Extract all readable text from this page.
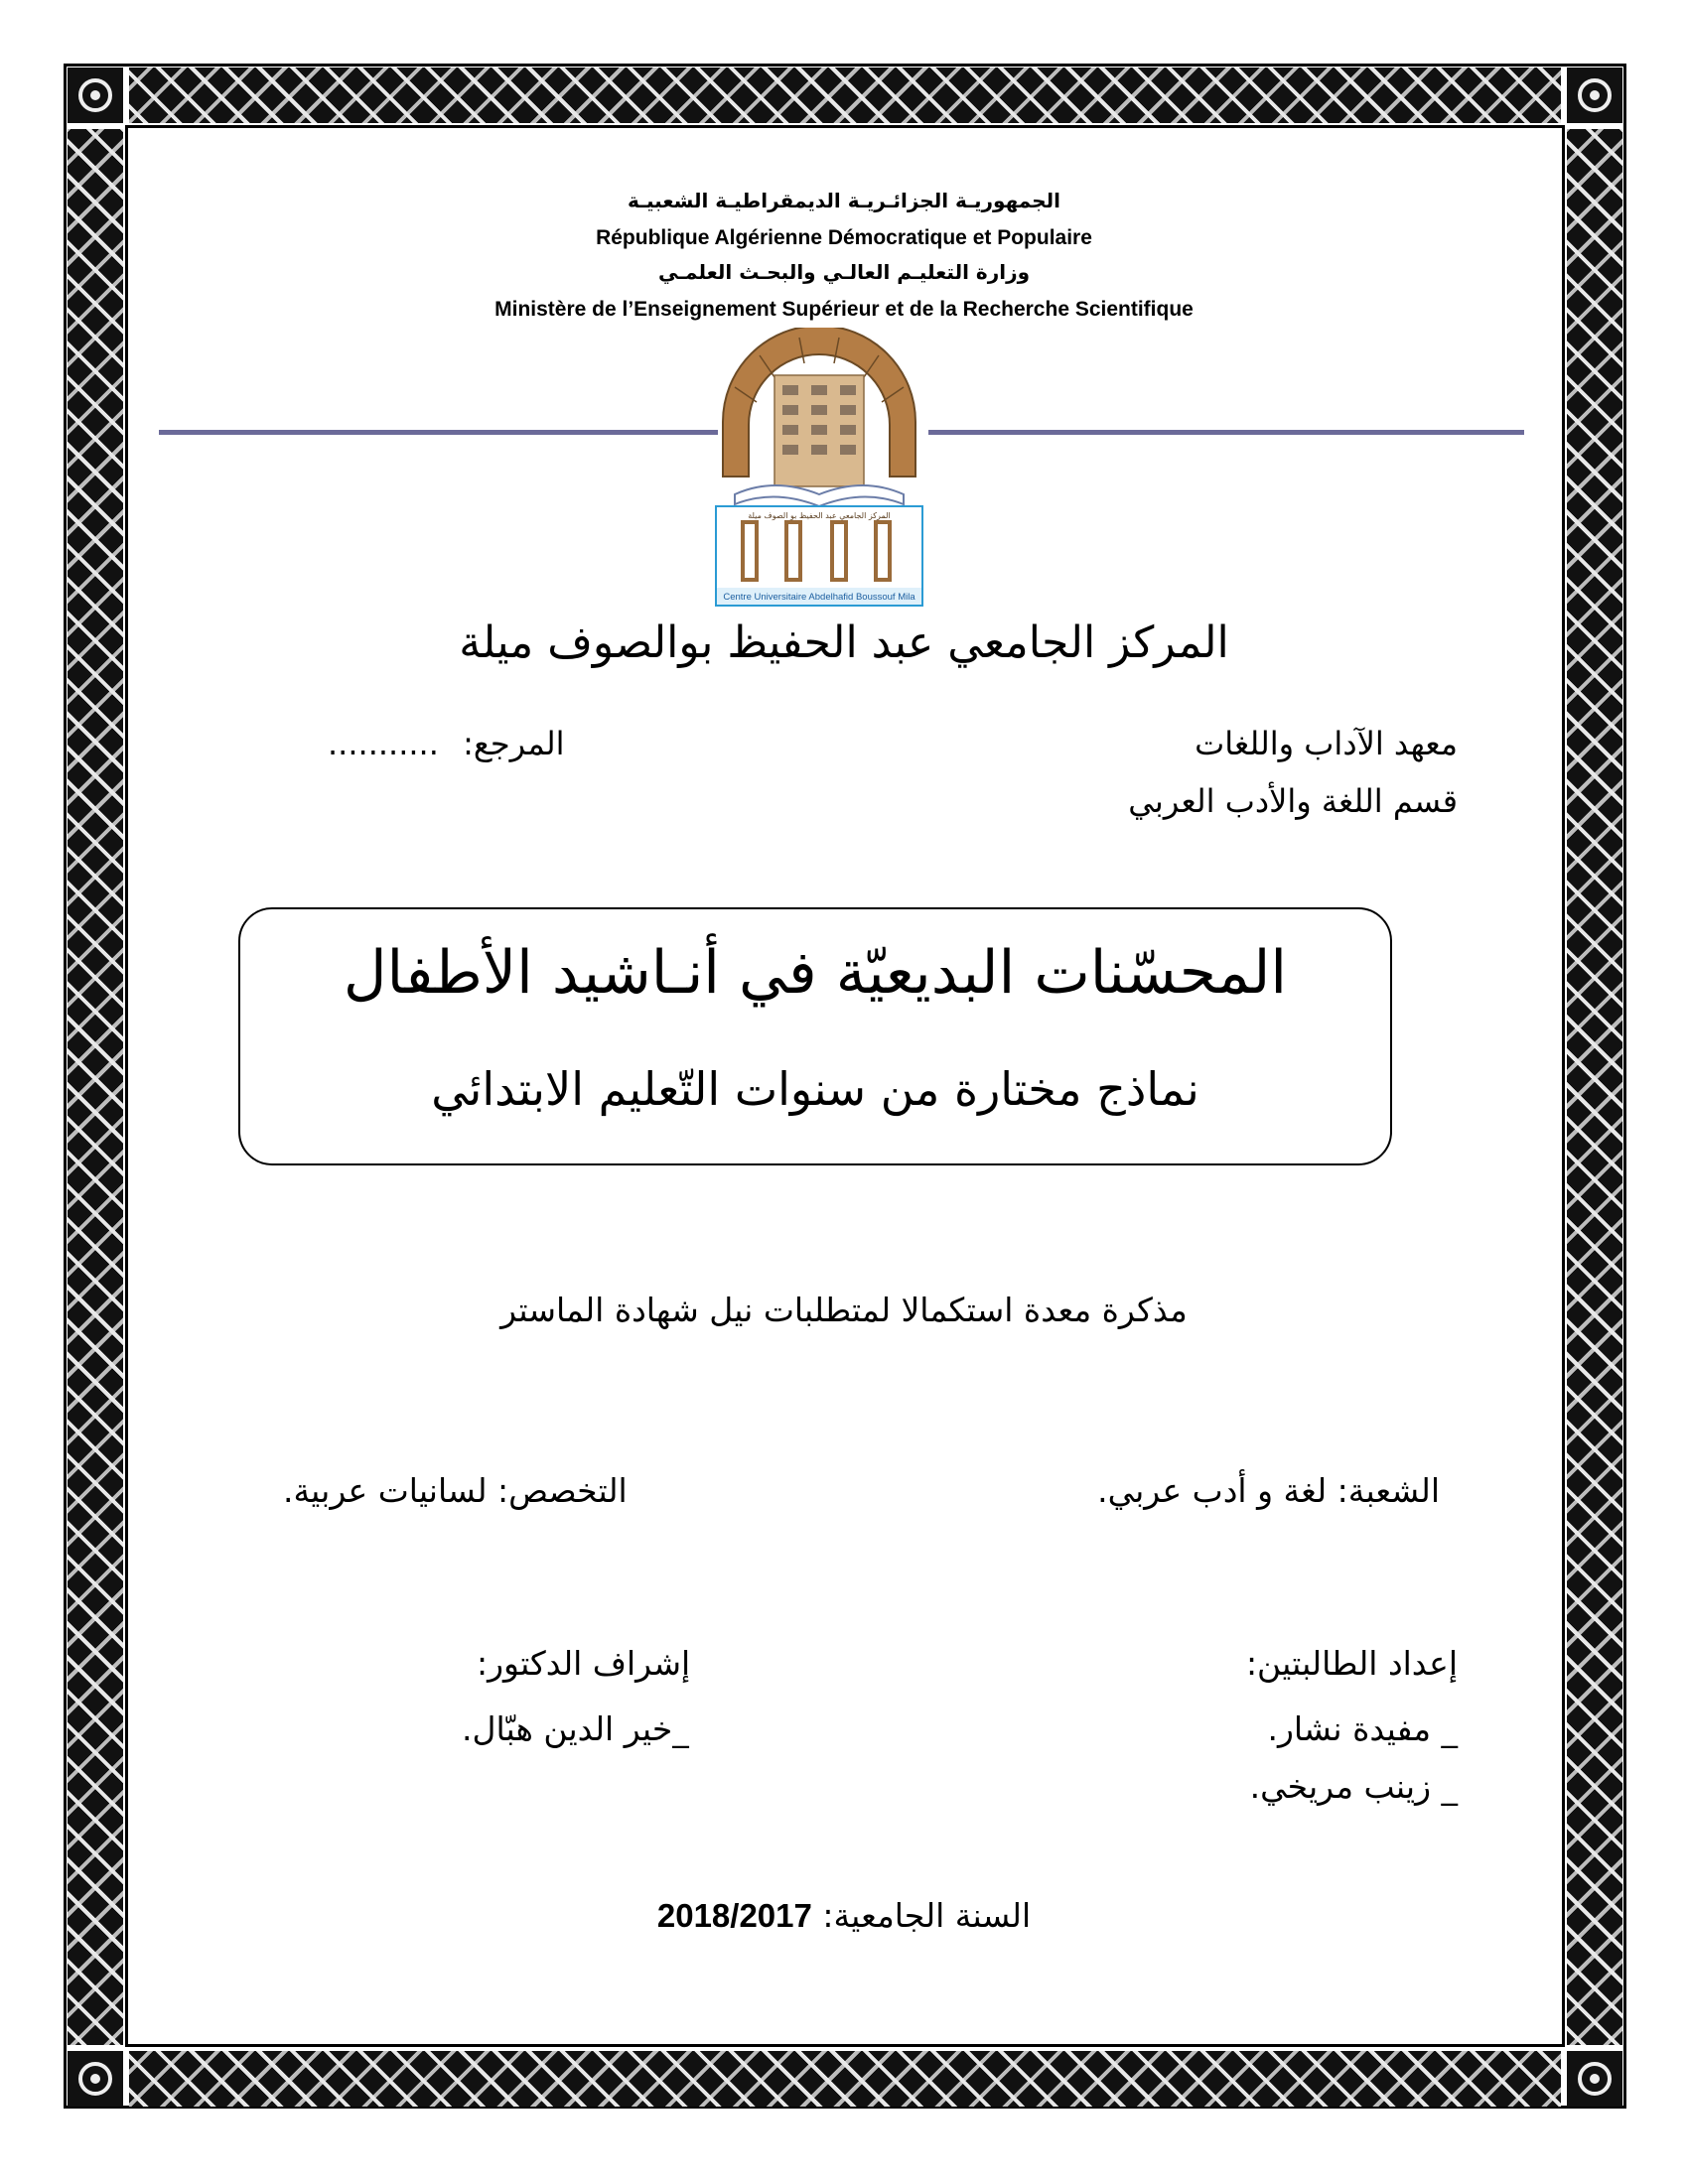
الجمهوريـة الجزائـريـة الديمقراطيـة الشعبيـة
République Algérienne Démocratique et Populaire
وزارة التعليـم العالـي والبحـث العلمـي
Ministère de l’Enseignement Supérieur et de la Recherche Scientifique
المركز الجامعي عبد الحفيظ بو الصوف ميلة
Centre Universitaire Abdelhafid Boussouf Mila
المركز الجامعي عبد الحفيظ بوالصوف ميلة
معهد الآداب واللغات
قسم اللغة والأدب العربي
المرجع: ...........
المحسّنات البديعيّة في أنـاشيد الأطفال
نماذج مختارة من سنوات التّعليم الابتدائي
مذكرة معدة استكمالا لمتطلبات نيل شهادة الماستر
الشعبة: لغة و أدب عربي.
التخصص: لسانيات عربية.
إعداد الطالبتين:
_ مفيدة نشار.
_ زينب مريخي.
إشراف الدكتور:
_خير الدين هبّال.
السنة الجامعية: 2018/2017
